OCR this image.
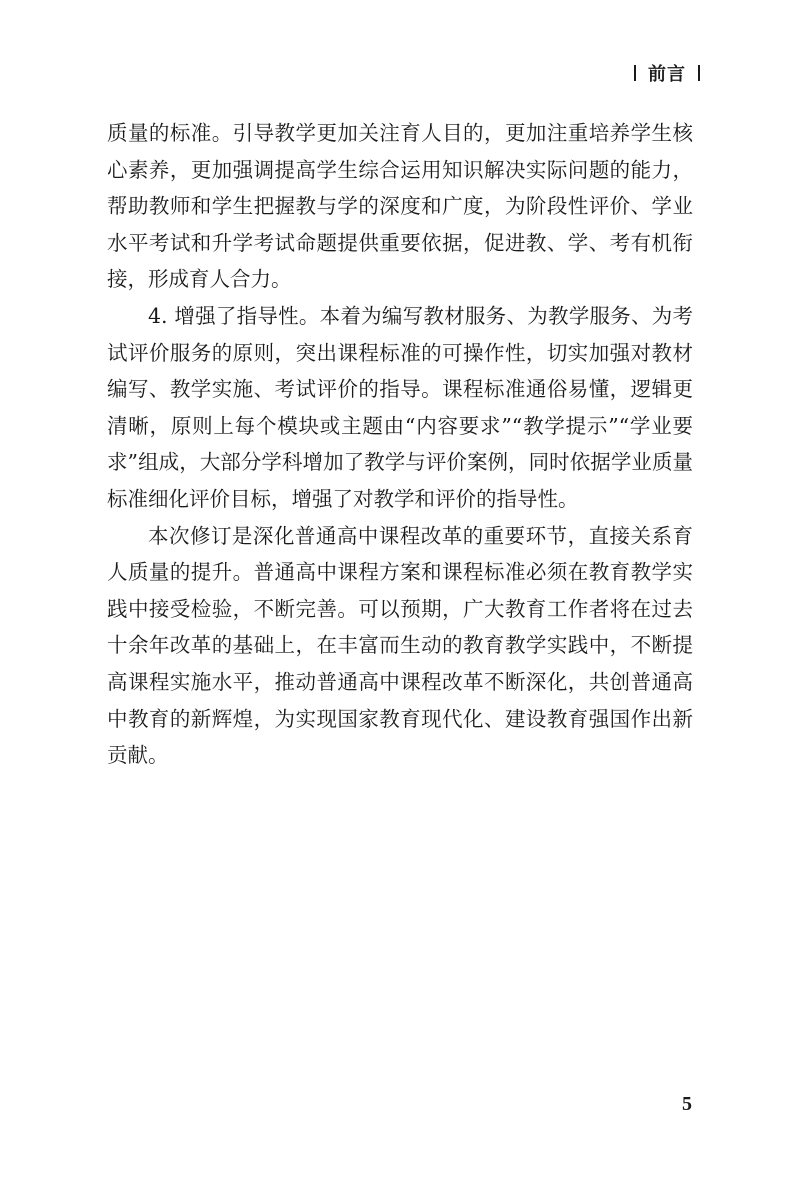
前言

质量的标准。引导教学更加关注育人目的，更加注重培养学生核心素养，更加强调提高学生综合运用知识解决实际问题的能力，帮助教师和学生把握教与学的深度和广度，为阶段性评价、学业水平考试和升学考试命题提供重要依据，促进教、学、考有机衔接，形成育人合力。

4. 增强了指导性。本着为编写教材服务、为教学服务、为考试评价服务的原则，突出课程标准的可操作性，切实加强对教材编写、教学实施、考试评价的指导。课程标准通俗易懂，逻辑更清晰，原则上每个模块或主题由“内容要求”“教学提示”“学业要求”组成，大部分学科增加了教学与评价案例，同时依据学业质量标准细化评价目标，增强了对教学和评价的指导性。

本次修订是深化普通高中课程改革的重要环节，直接关系育人质量的提升。普通高中课程方案和课程标准必须在教育教学实践中接受检验，不断完善。可以预期，广大教育工作者将在过去十余年改革的基础上，在丰富而生动的教育教学实践中，不断提高课程实施水平，推动普通高中课程改革不断深化，共创普通高中教育的新辉煌，为实现国家教育现代化、建设教育强国作出新贡献。

5
